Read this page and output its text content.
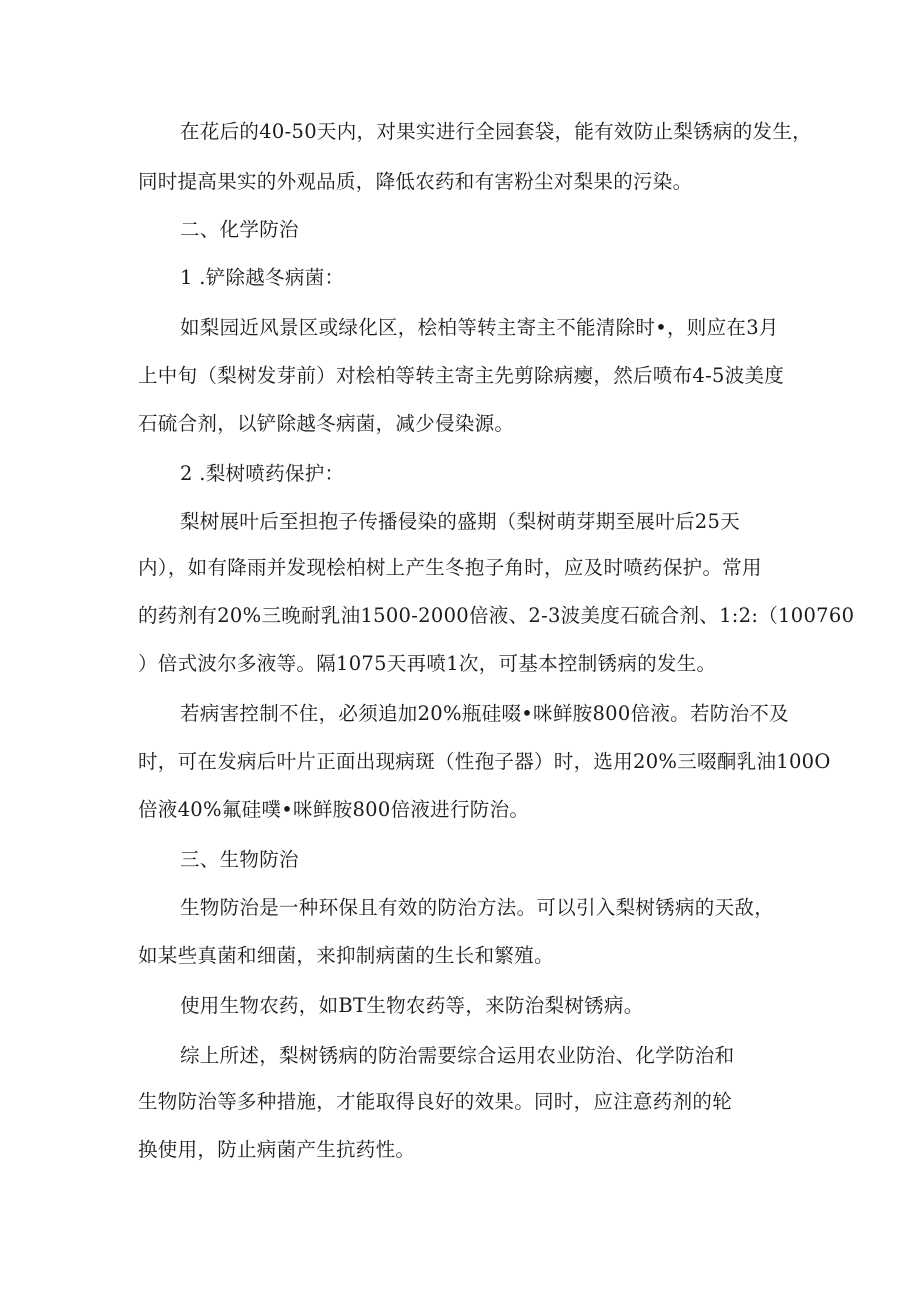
在花后的40-50天内，对果实进行全园套袋，能有效防止梨锈病的发生，
同时提高果实的外观品质，降低农药和有害粉尘对梨果的污染。
二、化学防治
1 .铲除越冬病菌：
如梨园近风景区或绿化区，桧柏等转主寄主不能清除时•，则应在3月
上中旬（梨树发芽前）对桧柏等转主寄主先剪除病瘿，然后喷布4-5波美度
石硫合剂，以铲除越冬病菌，减少侵染源。
2 .梨树喷药保护：
梨树展叶后至担抱子传播侵染的盛期（梨树萌芽期至展叶后25天
内），如有降雨并发现桧柏树上产生冬抱子角时，应及时喷药保护。常用
的药剂有20%三晚耐乳油1500-2000倍液、2-3波美度石硫合剂、1:2:（100760
）倍式波尔多液等。隔1075天再喷1次，可基本控制锈病的发生。
若病害控制不住，必须追加20%瓶硅啜•咪鲜胺800倍液。若防治不及
时，可在发病后叶片正面出现病斑（性孢子器）时，选用20%三啜酮乳油100O
倍液40%氟硅噗•咪鲜胺800倍液进行防治。
三、生物防治
生物防治是一种环保且有效的防治方法。可以引入梨树锈病的天敌，
如某些真菌和细菌，来抑制病菌的生长和繁殖。
使用生物农药，如BT生物农药等，来防治梨树锈病。
综上所述，梨树锈病的防治需要综合运用农业防治、化学防治和
生物防治等多种措施，才能取得良好的效果。同时，应注意药剂的轮
换使用，防止病菌产生抗药性。
